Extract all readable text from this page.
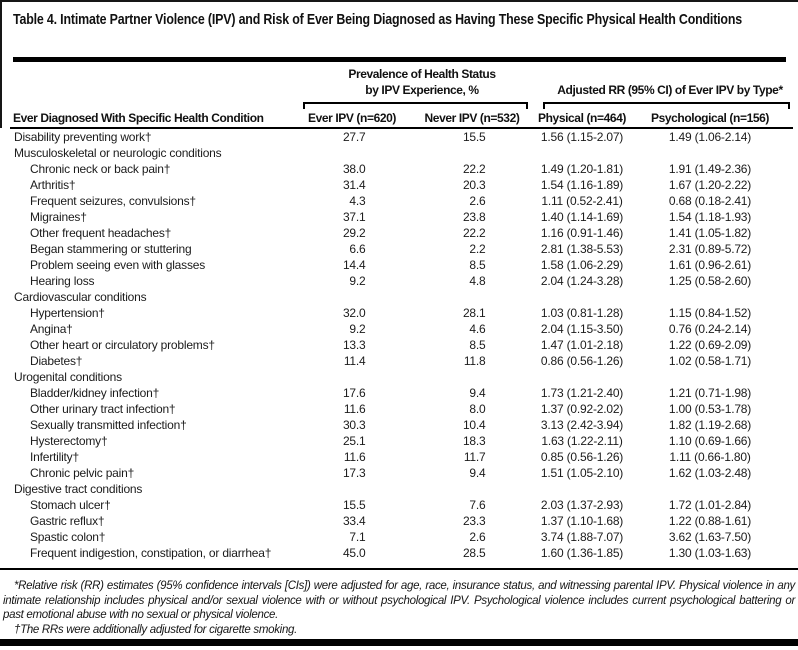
Table 4. Intimate Partner Violence (IPV) and Risk of Ever Being Diagnosed as Having These Specific Physical Health Conditions
Prevalence of Health Status
by IPV Experience, %	Adjusted RR (95% CI) of Ever IPV by Type*
Ever Diagnosed With Specific Health Condition	Ever IPV (n=620)	Never IPV (n=532)	Physical (n=464)	Psychological (n=156)
Disability preventing work†	27.7	15.5	1.56 (1.15-2.07)	1.49 (1.06-2.14)
Musculoskeletal or neurologic conditions
Chronic neck or back pain†	38.0	22.2	1.49 (1.20-1.81)	1.91 (1.49-2.36)
Arthritis†	31.4	20.3	1.54 (1.16-1.89)	1.67 (1.20-2.22)
Frequent seizures, convulsions†	4.3	2.6	1.11 (0.52-2.41)	0.68 (0.18-2.41)
Migraines†	37.1	23.8	1.40 (1.14-1.69)	1.54 (1.18-1.93)
Other frequent headaches†	29.2	22.2	1.16 (0.91-1.46)	1.41 (1.05-1.82)
Began stammering or stuttering	6.6	2.2	2.81 (1.38-5.53)	2.31 (0.89-5.72)
Problem seeing even with glasses	14.4	8.5	1.58 (1.06-2.29)	1.61 (0.96-2.61)
Hearing loss	9.2	4.8	2.04 (1.24-3.28)	1.25 (0.58-2.60)
Cardiovascular conditions
Hypertension†	32.0	28.1	1.03 (0.81-1.28)	1.15 (0.84-1.52)
Angina†	9.2	4.6	2.04 (1.15-3.50)	0.76 (0.24-2.14)
Other heart or circulatory problems†	13.3	8.5	1.47 (1.01-2.18)	1.22 (0.69-2.09)
Diabetes†	11.4	11.8	0.86 (0.56-1.26)	1.02 (0.58-1.71)
Urogenital conditions
Bladder/kidney infection†	17.6	9.4	1.73 (1.21-2.40)	1.21 (0.71-1.98)
Other urinary tract infection†	11.6	8.0	1.37 (0.92-2.02)	1.00 (0.53-1.78)
Sexually transmitted infection†	30.3	10.4	3.13 (2.42-3.94)	1.82 (1.19-2.68)
Hysterectomy†	25.1	18.3	1.63 (1.22-2.11)	1.10 (0.69-1.66)
Infertility†	11.6	11.7	0.85 (0.56-1.26)	1.11 (0.66-1.80)
Chronic pelvic pain†	17.3	9.4	1.51 (1.05-2.10)	1.62 (1.03-2.48)
Digestive tract conditions
Stomach ulcer†	15.5	7.6	2.03 (1.37-2.93)	1.72 (1.01-2.84)
Gastric reflux†	33.4	23.3	1.37 (1.10-1.68)	1.22 (0.88-1.61)
Spastic colon†	7.1	2.6	3.74 (1.88-7.07)	3.62 (1.63-7.50)
Frequent indigestion, constipation, or diarrhea†	45.0	28.5	1.60 (1.36-1.85)	1.30 (1.03-1.63)

*Relative risk (RR) estimates (95% confidence intervals [CIs]) were adjusted for age, race, insurance status, and witnessing parental IPV. Physical violence in any intimate relationship includes physical and/or sexual violence with or without psychological IPV. Psychological violence includes current psychological battering or past emotional abuse with no sexual or physical violence.

†The RRs were additionally adjusted for cigarette smoking.
